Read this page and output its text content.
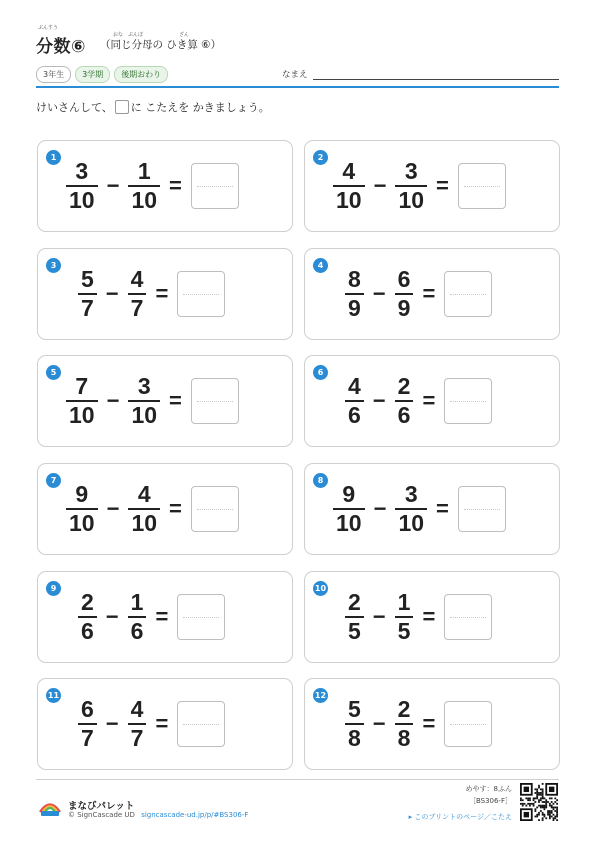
ぶんすう
分数⑥
おな ぶんぼ	ざん
（同じ分母の ひき算 ⑥）
3年生	3学期	後期おわり	なまえ
けいさんして、 に こたえを かきましょう。
1
$\frac{3}{10} - \frac{1}{10}$ =
2
$\frac{4}{10} - \frac{3}{10}$ =
3
$\frac{5}{7} - \frac{4}{7}$ =
4
$\frac{8}{9} - \frac{6}{9}$ =
5
$\frac{7}{10} - \frac{3}{10}$ =
6
$\frac{4}{6} - \frac{2}{6}$ =
7
$\frac{9}{10} - \frac{4}{10}$ =
8
$\frac{9}{10} - \frac{3}{10}$ =
9
$\frac{2}{6} - \frac{1}{6}$ =
10
$\frac{2}{5} - \frac{1}{5}$ =
11
$\frac{6}{7} - \frac{4}{7}$ =
12
$\frac{5}{8} - \frac{2}{8}$ =
まなびパレット
© SignCascade UD signcascade-ud.jp/p/#BS306-F
めやす：8ふん
［BS306-F］
▸ このプリントのページ／こたえ
